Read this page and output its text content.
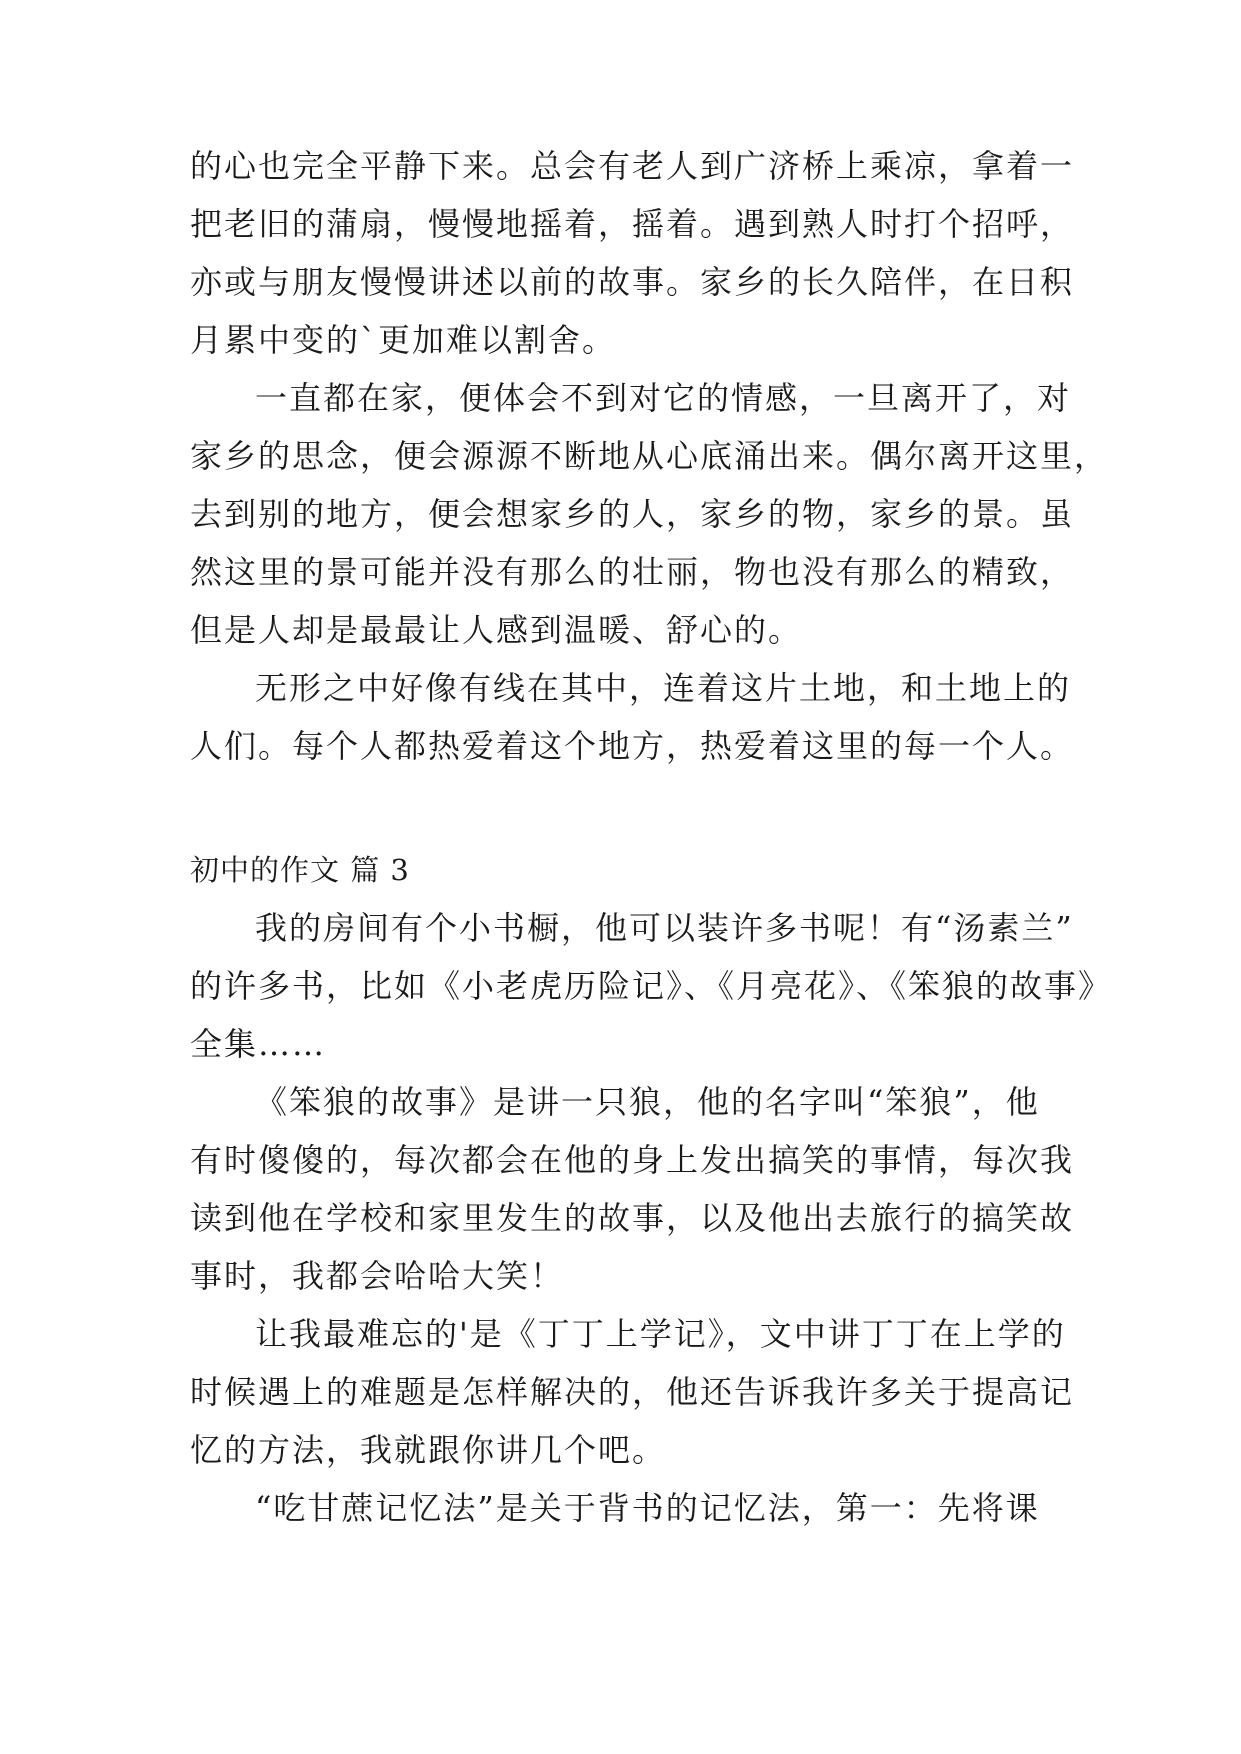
的心也完全平静下来。总会有老人到广济桥上乘凉，拿着一
把老旧的蒲扇，慢慢地摇着，摇着。遇到熟人时打个招呼，
亦或与朋友慢慢讲述以前的故事。家乡的长久陪伴，在日积
月累中变的`更加难以割舍。
一直都在家，便体会不到对它的情感，一旦离开了，对
家乡的思念，便会源源不断地从心底涌出来。偶尔离开这里，
去到别的地方，便会想家乡的人，家乡的物，家乡的景。虽
然这里的景可能并没有那么的壮丽，物也没有那么的精致，
但是人却是最最让人感到温暖、舒心的。
无形之中好像有线在其中，连着这片土地，和土地上的
人们。每个人都热爱着这个地方，热爱着这里的每一个人。
初中的作文 篇 3
我的房间有个小书橱，他可以装许多书呢！有“汤素兰”
的许多书，比如《小老虎历险记》、《月亮花》、《笨狼的故事》
全集……
《笨狼的故事》是讲一只狼，他的名字叫“笨狼”，他
有时傻傻的，每次都会在他的身上发出搞笑的事情，每次我
读到他在学校和家里发生的故事，以及他出去旅行的搞笑故
事时，我都会哈哈大笑！
让我最难忘的'是《丁丁上学记》，文中讲丁丁在上学的
时候遇上的难题是怎样解决的，他还告诉我许多关于提高记
忆的方法，我就跟你讲几个吧。
“吃甘蔗记忆法”是关于背书的记忆法，第一：先将课
